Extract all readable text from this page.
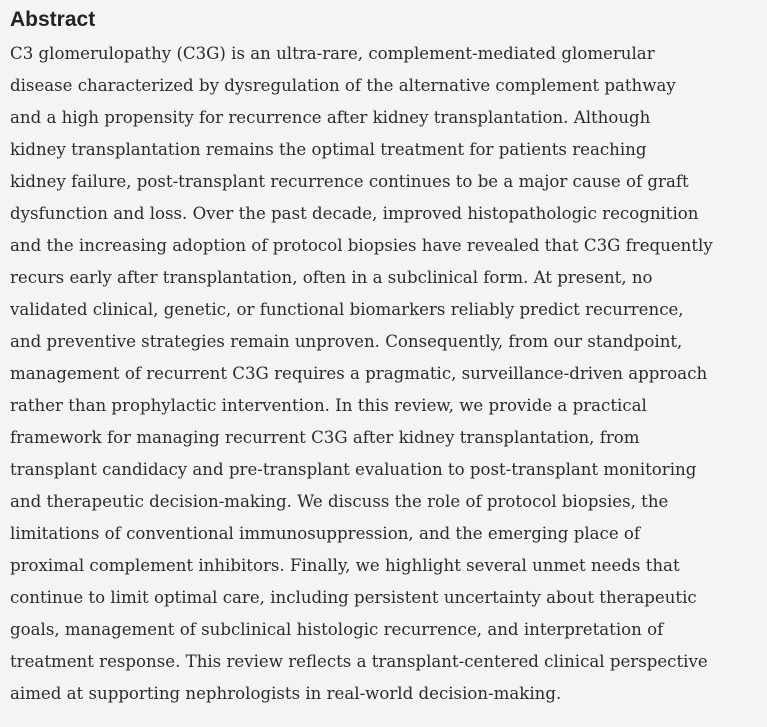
Abstract

C3 glomerulopathy (C3G) is an ultra-rare, complement-mediated glomerular
disease characterized by dysregulation of the alternative complement pathway
and a high propensity for recurrence after kidney transplantation. Although
kidney transplantation remains the optimal treatment for patients reaching
kidney failure, post-transplant recurrence continues to be a major cause of graft
dysfunction and loss. Over the past decade, improved histopathologic recognition
and the increasing adoption of protocol biopsies have revealed that C3G frequently
recurs early after transplantation, often in a subclinical form. At present, no
validated clinical, genetic, or functional biomarkers reliably predict recurrence,
and preventive strategies remain unproven. Consequently, from our standpoint,
management of recurrent C3G requires a pragmatic, surveillance-driven approach
rather than prophylactic intervention. In this review, we provide a practical
framework for managing recurrent C3G after kidney transplantation, from
transplant candidacy and pre-transplant evaluation to post-transplant monitoring
and therapeutic decision-making. We discuss the role of protocol biopsies, the
limitations of conventional immunosuppression, and the emerging place of
proximal complement inhibitors. Finally, we highlight several unmet needs that
continue to limit optimal care, including persistent uncertainty about therapeutic
goals, management of subclinical histologic recurrence, and interpretation of
treatment response. This review reflects a transplant-centered clinical perspective
aimed at supporting nephrologists in real-world decision-making.
